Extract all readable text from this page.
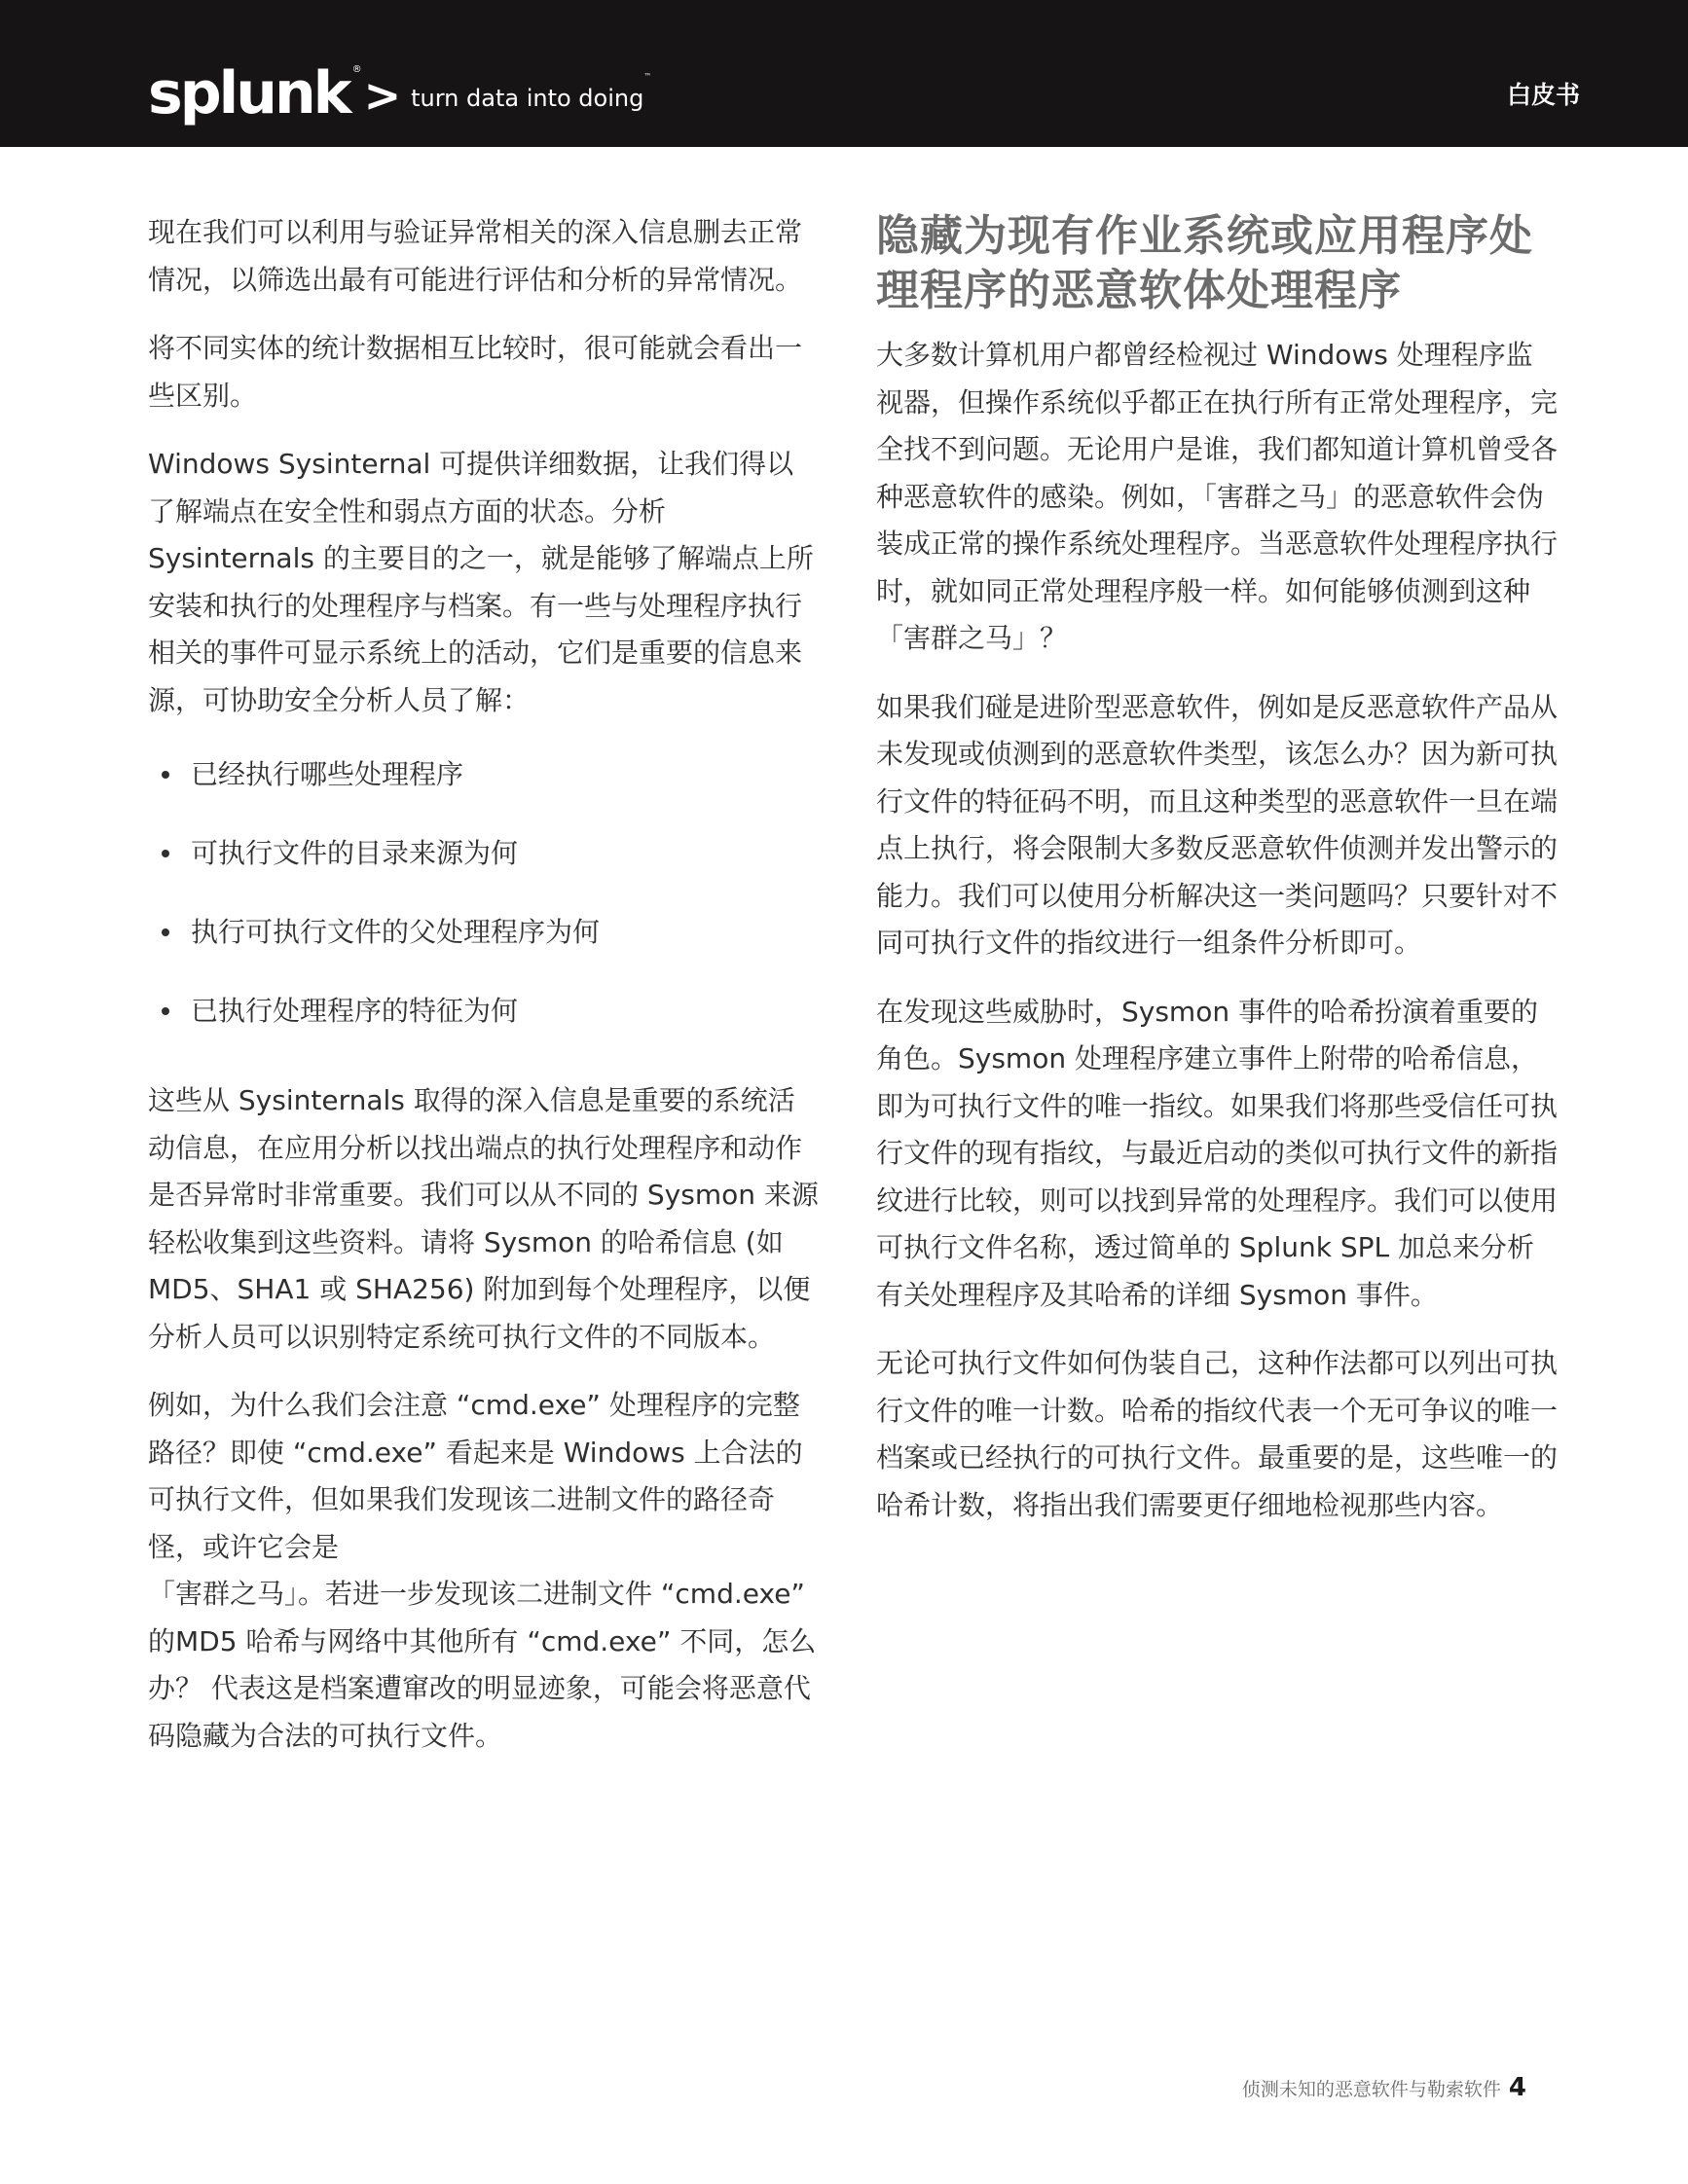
splunk ® > turn data into doing
™
白皮书

现在我们可以利用与验证异常相关的深入信息删去正常情况，以筛选出最有可能进行评估和分析的异常情况。

将不同实体的统计数据相互比较时，很可能就会看出一些区别。

Windows Sysinternal 可提供详细数据，让我们得以了解端点在安全性和弱点方面的状态。分析 Sysinternals 的主要目的之一，就是能够了解端点上所安装和执行的处理程序与档案。有一些与处理程序执行相关的事件可显示系统上的活动，它们是重要的信息来源，可协助安全分析人员了解：

已经执行哪些处理程序
可执行文件的目录来源为何
执行可执行文件的父处理程序为何
已执行处理程序的特征为何

这些从 Sysinternals 取得的深入信息是重要的系统活动信息，在应用分析以找出端点的执行处理程序和动作是否异常时非常重要。我们可以从不同的 Sysmon 来源轻松收集到这些资料。请将 Sysmon 的哈希信息 (如 MD5、SHA1 或 SHA256) 附加到每个处理程序，以便分析人员可以识别特定系统可执行文件的不同版本。

例如，为什么我们会注意 “cmd.exe” 处理程序的完整路径？即使 “cmd.exe” 看起来是 Windows 上合法的可执行文件，但如果我们发现该二进制文件的路径奇怪，或许它会是

「害群之马」。若进一步发现该二进制文件 “cmd.exe” 的MD5 哈希与网络中其他所有 “cmd.exe” 不同，怎么办？ 代表这是档案遭窜改的明显迹象，可能会将恶意代码隐藏为合法的可执行文件。

隐藏为现有作业系统或应用程序处理程序的恶意软体处理程序

大多数计算机用户都曾经检视过 Windows 处理程序监视器，但操作系统似乎都正在执行所有正常处理程序，完全找不到问题。无论用户是谁，我们都知道计算机曾受各种恶意软件的感染。例如，「害群之马」的恶意软件会伪装成正常的操作系统处理程序。当恶意软件处理程序执行时，就如同正常处理程序般一样。如何能够侦测到这种「害群之马」？

如果我们碰是进阶型恶意软件，例如是反恶意软件产品从未发现或侦测到的恶意软件类型，该怎么办？因为新可执行文件的特征码不明，而且这种类型的恶意软件一旦在端点上执行，将会限制大多数反恶意软件侦测并发出警示的能力。我们可以使用分析解决这一类问题吗？只要针对不同可执行文件的指纹进行一组条件分析即可。

在发现这些威胁时，Sysmon 事件的哈希扮演着重要的角色。Sysmon 处理程序建立事件上附带的哈希信息，即为可执行文件的唯一指纹。如果我们将那些受信任可执行文件的现有指纹，与最近启动的类似可执行文件的新指纹进行比较，则可以找到异常的处理程序。我们可以使用可执行文件名称，透过简单的 Splunk SPL 加总来分析有关处理程序及其哈希的详细 Sysmon 事件。

无论可执行文件如何伪装自己，这种作法都可以列出可执行文件的唯一计数。哈希的指纹代表一个无可争议的唯一档案或已经执行的可执行文件。最重要的是，这些唯一的哈希计数，将指出我们需要更仔细地检视那些内容。

侦测未知的恶意软件与勒索软件 4
